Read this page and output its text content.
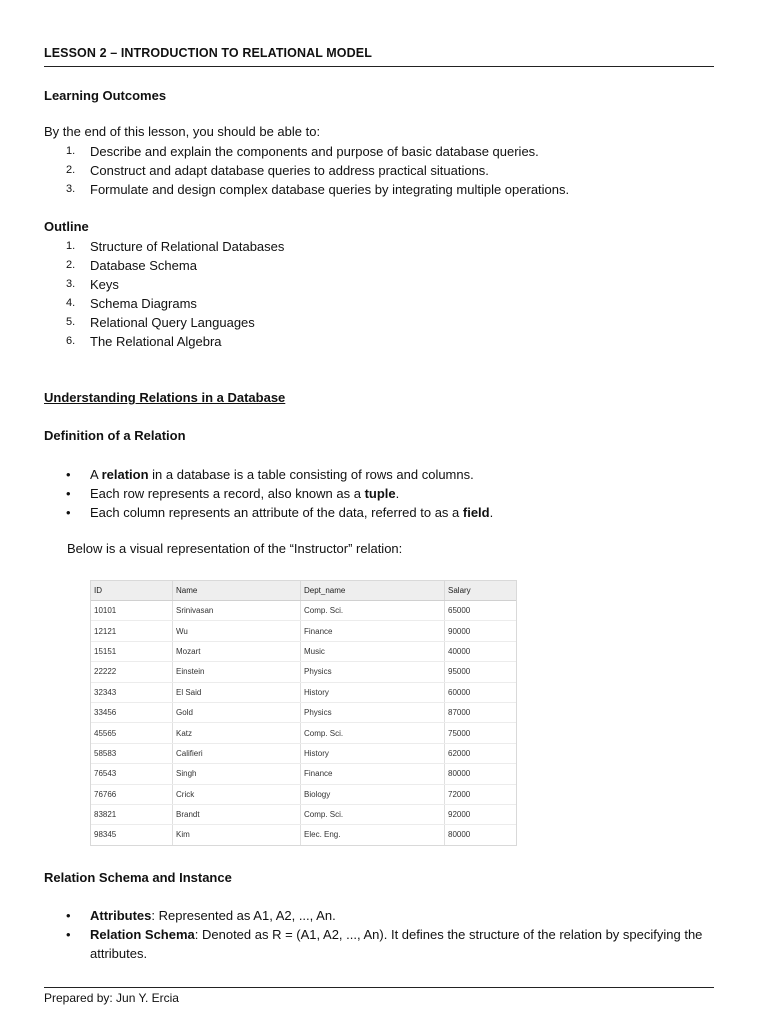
LESSON 2 – INTRODUCTION TO RELATIONAL MODEL
Learning Outcomes
By the end of this lesson, you should be able to:
1. Describe and explain the components and purpose of basic database queries.
2. Construct and adapt database queries to address practical situations.
3. Formulate and design complex database queries by integrating multiple operations.
Outline
1. Structure of Relational Databases
2. Database Schema
3. Keys
4. Schema Diagrams
5. Relational Query Languages
6. The Relational Algebra
Understanding Relations in a Database
Definition of a Relation
• A relation in a database is a table consisting of rows and columns.
• Each row represents a record, also known as a tuple.
• Each column represents an attribute of the data, referred to as a field.
Below is a visual representation of the “Instructor” relation:
ID	Name	Dept_name	Salary
10101	Srinivasan	Comp. Sci.	65000
12121	Wu	Finance	90000
15151	Mozart	Music	40000
22222	Einstein	Physics	95000
32343	El Said	History	60000
33456	Gold	Physics	87000
45565	Katz	Comp. Sci.	75000
58583	Califieri	History	62000
76543	Singh	Finance	80000
76766	Crick	Biology	72000
83821	Brandt	Comp. Sci.	92000
98345	Kim	Elec. Eng.	80000
Relation Schema and Instance
• Attributes: Represented as A1, A2, ..., An.
• Relation Schema: Denoted as R = (A1, A2, ..., An). It defines the structure of the relation by specifying the attributes.
Prepared by: Jun Y. Ercia
